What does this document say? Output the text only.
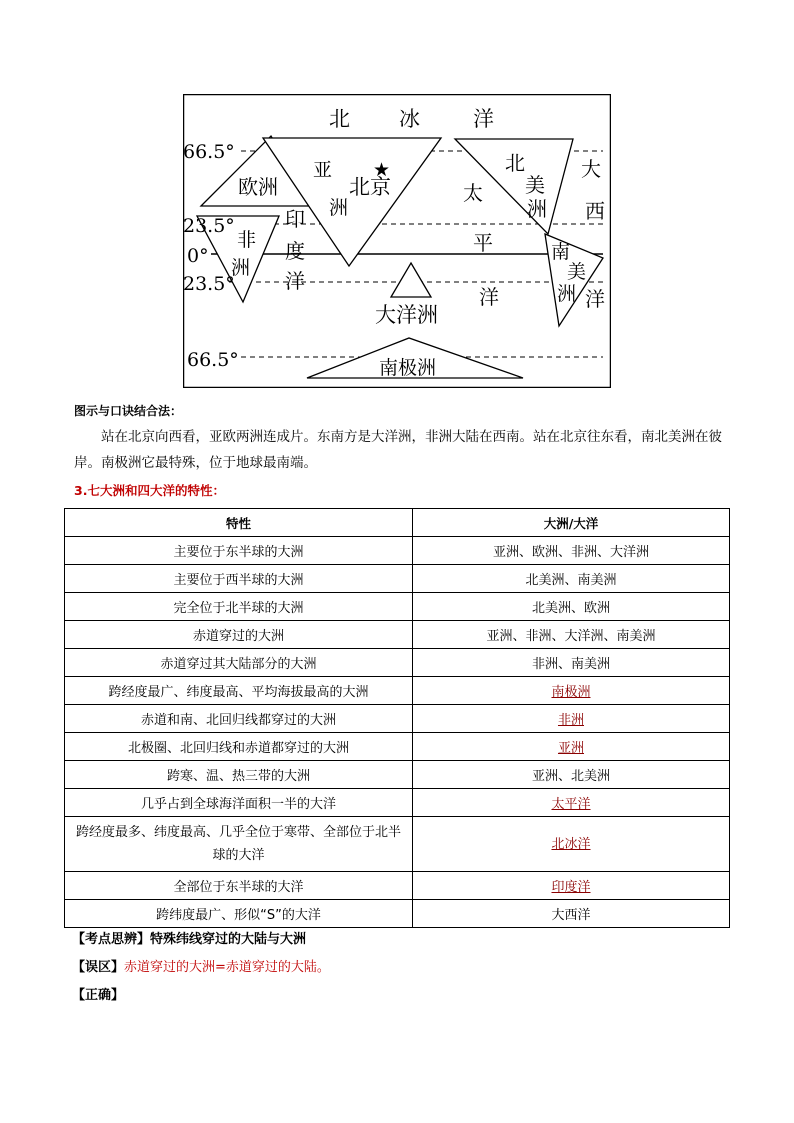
北 冰	洋
66.5°
23.5°
0°
23.5°
66.5°
亚
洲
★
北京
欧洲
非
洲
印
度
洋
太
平
洋
大洋洲
北
美
洲
南
美
洲
大
西
洋
南极洲
图示与口诀结合法：
站在北京向西看，亚欧两洲连成片。东南方是大洋洲，非洲大陆在西南。站在北京往东看，南北美洲在彼岸。南极洲它最特殊，位于地球最南端。
3.七大洲和四大洋的特性：
特性	大洲/大洋
主要位于东半球的大洲	亚洲、欧洲、非洲、大洋洲
主要位于西半球的大洲	北美洲、南美洲
完全位于北半球的大洲	北美洲、欧洲
赤道穿过的大洲	亚洲、非洲、大洋洲、南美洲
赤道穿过其大陆部分的大洲	非洲、南美洲
跨经度最广、纬度最高、平均海拔最高的大洲	南极洲
赤道和南、北回归线都穿过的大洲	非洲
北极圈、北回归线和赤道都穿过的大洲	亚洲
跨寒、温、热三带的大洲	亚洲、北美洲
几乎占到全球海洋面积一半的大洋	太平洋
跨经度最多、纬度最高、几乎全位于寒带、全部位于北半球的大洋	北冰洋
全部位于东半球的大洋	印度洋
跨纬度最广、形似“S”的大洋	大西洋
【考点思辨】特殊纬线穿过的大陆与大洲
【误区】赤道穿过的大洲=赤道穿过的大陆。
【正确】
